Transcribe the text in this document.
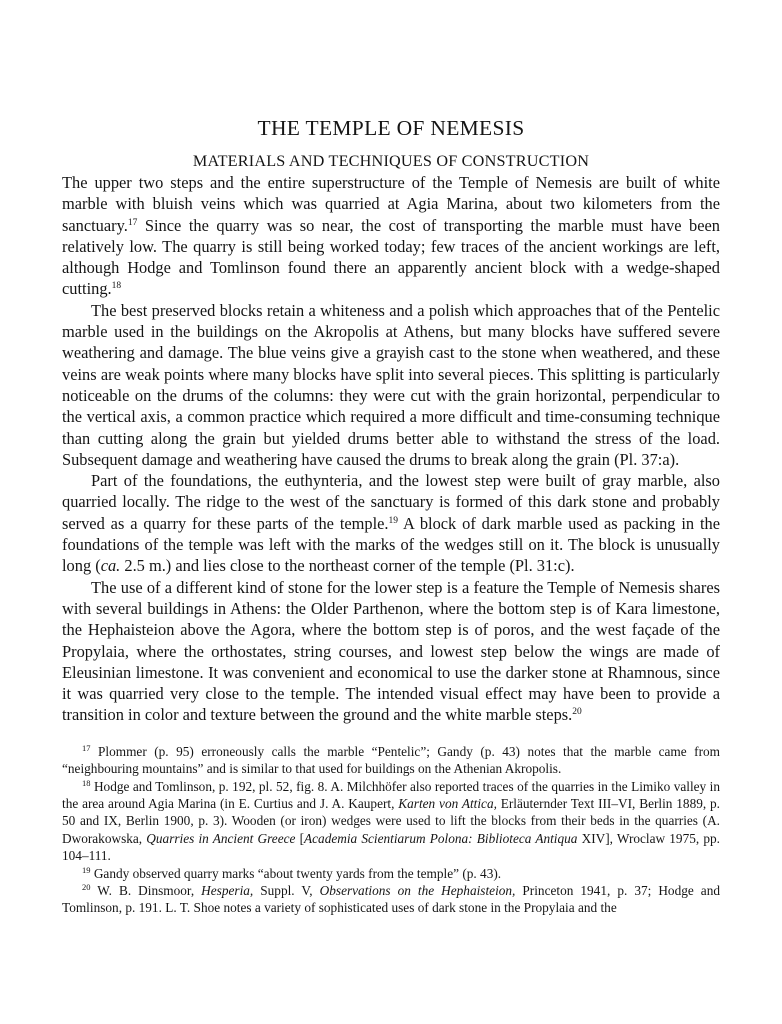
THE TEMPLE OF NEMESIS
MATERIALS AND TECHNIQUES OF CONSTRUCTION

The upper two steps and the entire superstructure of the Temple of Nemesis are built of white marble with bluish veins which was quarried at Agia Marina, about two kilometers from the sanctuary.$^{17}$ Since the quarry was so near, the cost of transporting the marble must have been relatively low. The quarry is still being worked today; few traces of the ancient workings are left, although Hodge and Tomlinson found there an apparently ancient block with a wedge-shaped cutting.$^{18}$

The best preserved blocks retain a whiteness and a polish which approaches that of the Pentelic marble used in the buildings on the Akropolis at Athens, but many blocks have suffered severe weathering and damage. The blue veins give a grayish cast to the stone when weathered, and these veins are weak points where many blocks have split into several pieces. This splitting is particularly noticeable on the drums of the columns: they were cut with the grain horizontal, perpendicular to the vertical axis, a common practice which required a more difficult and time-consuming technique than cutting along the grain but yielded drums better able to withstand the stress of the load. Subsequent damage and weathering have caused the drums to break along the grain (Pl. 37:a).

Part of the foundations, the euthynteria, and the lowest step were built of gray marble, also quarried locally. The ridge to the west of the sanctuary is formed of this dark stone and probably served as a quarry for these parts of the temple.$^{19}$ A block of dark marble used as packing in the foundations of the temple was left with the marks of the wedges still on it. The block is unusually long (ca. 2.5 m.) and lies close to the northeast corner of the temple (Pl. 31:c).

The use of a different kind of stone for the lower step is a feature the Temple of Nemesis shares with several buildings in Athens: the Older Parthenon, where the bottom step is of Kara limestone, the Hephaisteion above the Agora, where the bottom step is of poros, and the west façade of the Propylaia, where the orthostates, string courses, and lowest step below the wings are made of Eleusinian limestone. It was convenient and economical to use the darker stone at Rhamnous, since it was quarried very close to the temple. The intended visual effect may have been to provide a transition in color and texture between the ground and the white marble steps.$^{20}$

$^{17}$ Plommer (p. 95) erroneously calls the marble “Pentelic”; Gandy (p. 43) notes that the marble came from “neighbouring mountains” and is similar to that used for buildings on the Athenian Akropolis.

$^{18}$ Hodge and Tomlinson, p. 192, pl. 52, fig. 8. A. Milchhöfer also reported traces of the quarries in the Limiko valley in the area around Agia Marina (in E. Curtius and J. A. Kaupert, Karten von Attica, Erläuternder Text III–VI, Berlin 1889, p. 50 and IX, Berlin 1900, p. 3). Wooden (or iron) wedges were used to lift the blocks from their beds in the quarries (A. Dworakowska, Quarries in Ancient Greece [Academia Scientiarum Polona: Biblioteca Antiqua XIV], Wroclaw 1975, pp. 104–111.

$^{19}$ Gandy observed quarry marks “about twenty yards from the temple” (p. 43).

$^{20}$ W. B. Dinsmoor, Hesperia, Suppl. V, Observations on the Hephaisteion, Princeton 1941, p. 37; Hodge and Tomlinson, p. 191. L. T. Shoe notes a variety of sophisticated uses of dark stone in the Propylaia and the
